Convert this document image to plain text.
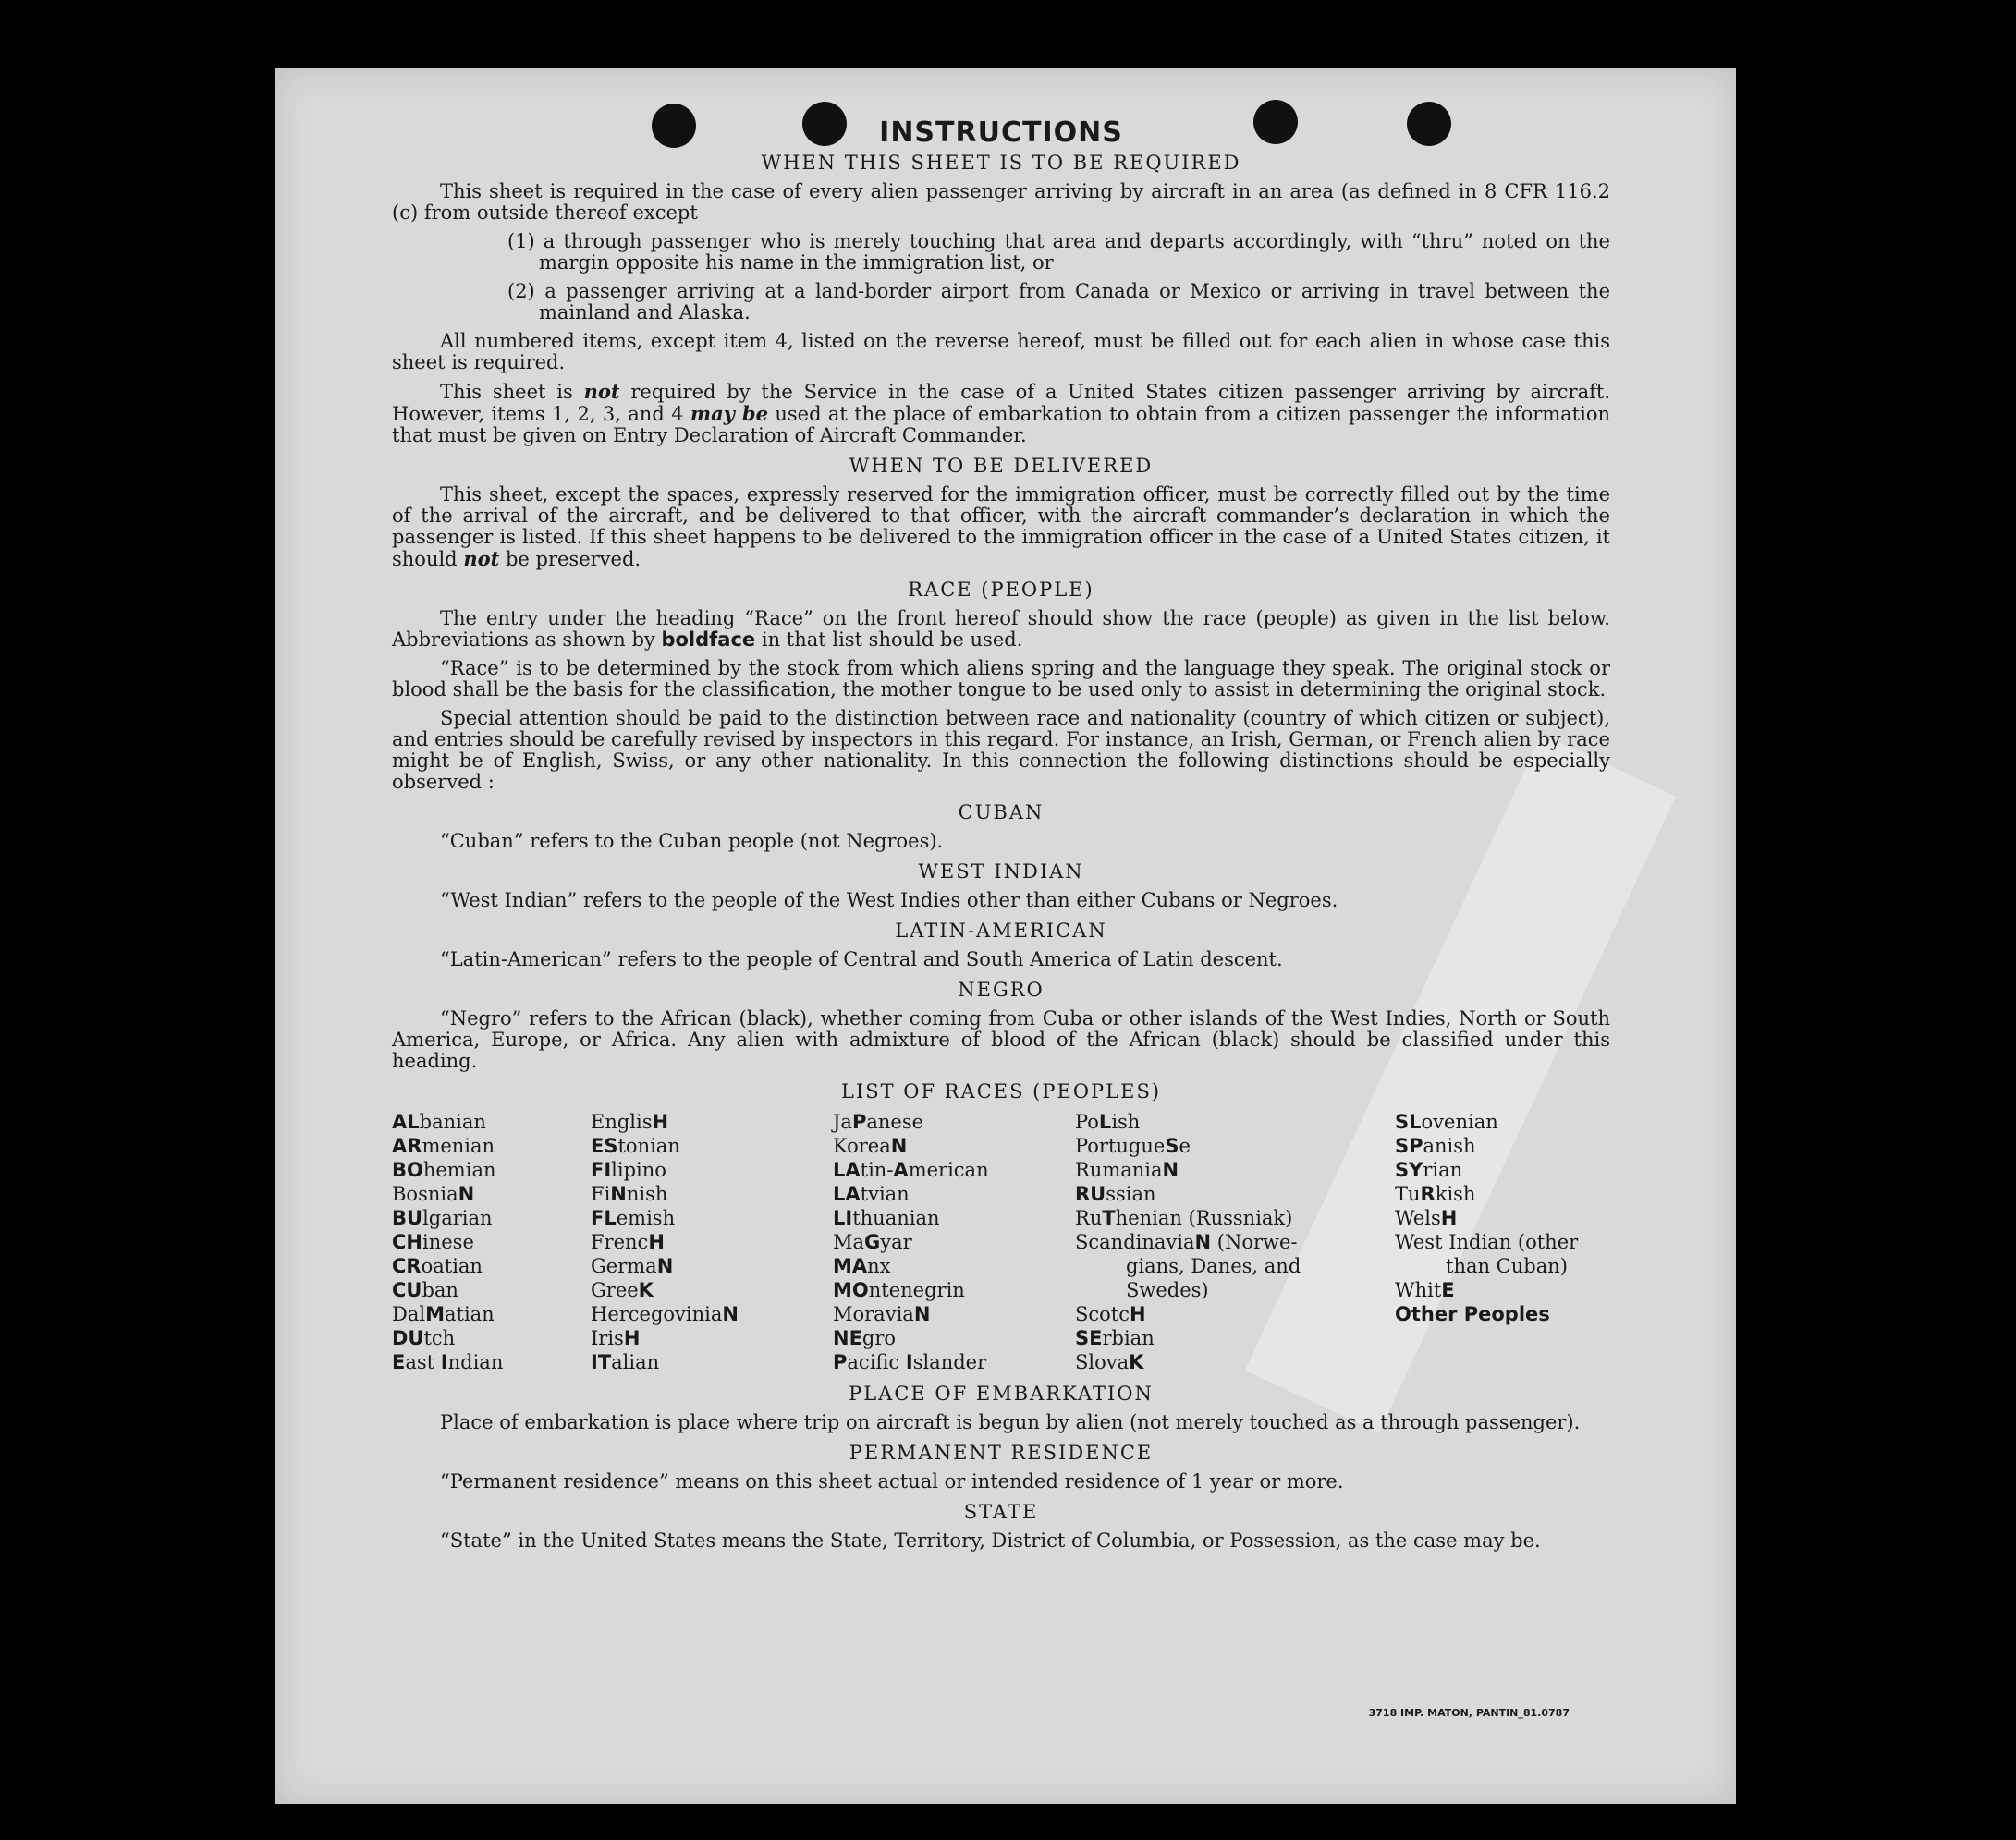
INSTRUCTIONS
WHEN THIS SHEET IS TO BE REQUIRED

This sheet is required in the case of every alien passenger arriving by aircraft in an area (as defined in 8 CFR 116.2 (c) from outside thereof except

(1) a through passenger who is merely touching that area and departs accordingly, with “thru” noted on the margin opposite his name in the immigration list, or

(2) a passenger arriving at a land-border airport from Canada or Mexico or arriving in travel between the mainland and Alaska.

All numbered items, except item 4, listed on the reverse hereof, must be filled out for each alien in whose case this sheet is required.

This sheet is not required by the Service in the case of a United States citizen passenger arriving by aircraft. However, items 1, 2, 3, and 4 may be used at the place of embarkation to obtain from a citizen passenger the information that must be given on Entry Declaration of Aircraft Commander.

WHEN TO BE DELIVERED

This sheet, except the spaces, expressly reserved for the immigration officer, must be correctly filled out by the time of the arrival of the aircraft, and be delivered to that officer, with the aircraft commander’s declaration in which the passenger is listed. If this sheet happens to be delivered to the immigration officer in the case of a United States citizen, it should not be preserved.

RACE (PEOPLE)

The entry under the heading “Race” on the front hereof should show the race (people) as given in the list below. Abbreviations as shown by boldface in that list should be used.

“Race” is to be determined by the stock from which aliens spring and the language they speak. The original stock or blood shall be the basis for the classification, the mother tongue to be used only to assist in determining the original stock.

Special attention should be paid to the distinction between race and nationality (country of which citizen or subject), and entries should be carefully revised by inspectors in this regard. For instance, an Irish, German, or French alien by race might be of English, Swiss, or any other nationality. In this connection the following distinctions should be especially observed :

CUBAN

“Cuban” refers to the Cuban people (not Negroes).

WEST INDIAN

“West Indian” refers to the people of the West Indies other than either Cubans or Negroes.

LATIN-AMERICAN

“Latin-American” refers to the people of Central and South America of Latin descent.

NEGRO

“Negro” refers to the African (black), whether coming from Cuba or other islands of the West Indies, North or South America, Europe, or Africa. Any alien with admixture of blood of the African (black) should be classified under this heading.

LIST OF RACES (PEOPLES)
ALbanian
ARmenian
BOhemian
BosniaN
BUlgarian
CHinese
CRoatian
CUban
DalMatian
DUtch
East Indian
EnglisH
EStonian
FIlipino
FiNnish
FLemish
FrencH
GermaN
GreeK
HercegoviniaN
IrisH
ITalian
JaPanese
KoreaN
LAtin-American
LAtvian
LIthuanian
MaGyar
MAnx
MOntenegrin
MoraviaN
NEgro
Pacific Islander
PoLish
PortugueSe
RumaniaN
RUssian
RuThenian (Russniak)
ScandinaviaN (Norwe-
gians, Danes, and
Swedes)
ScotcH
SErbian
SlovaK
SLovenian
SPanish
SYrian
TuRkish
WelsH
West Indian (other
than Cuban)
WhitE
Other Peoples
PLACE OF EMBARKATION

Place of embarkation is place where trip on aircraft is begun by alien (not merely touched as a through passenger).

PERMANENT RESIDENCE

“Permanent residence” means on this sheet actual or intended residence of 1 year or more.

STATE

“State” in the United States means the State, Territory, District of Columbia, or Possession, as the case may be.

3718 IMP. MATON, PANTIN_81.0787
